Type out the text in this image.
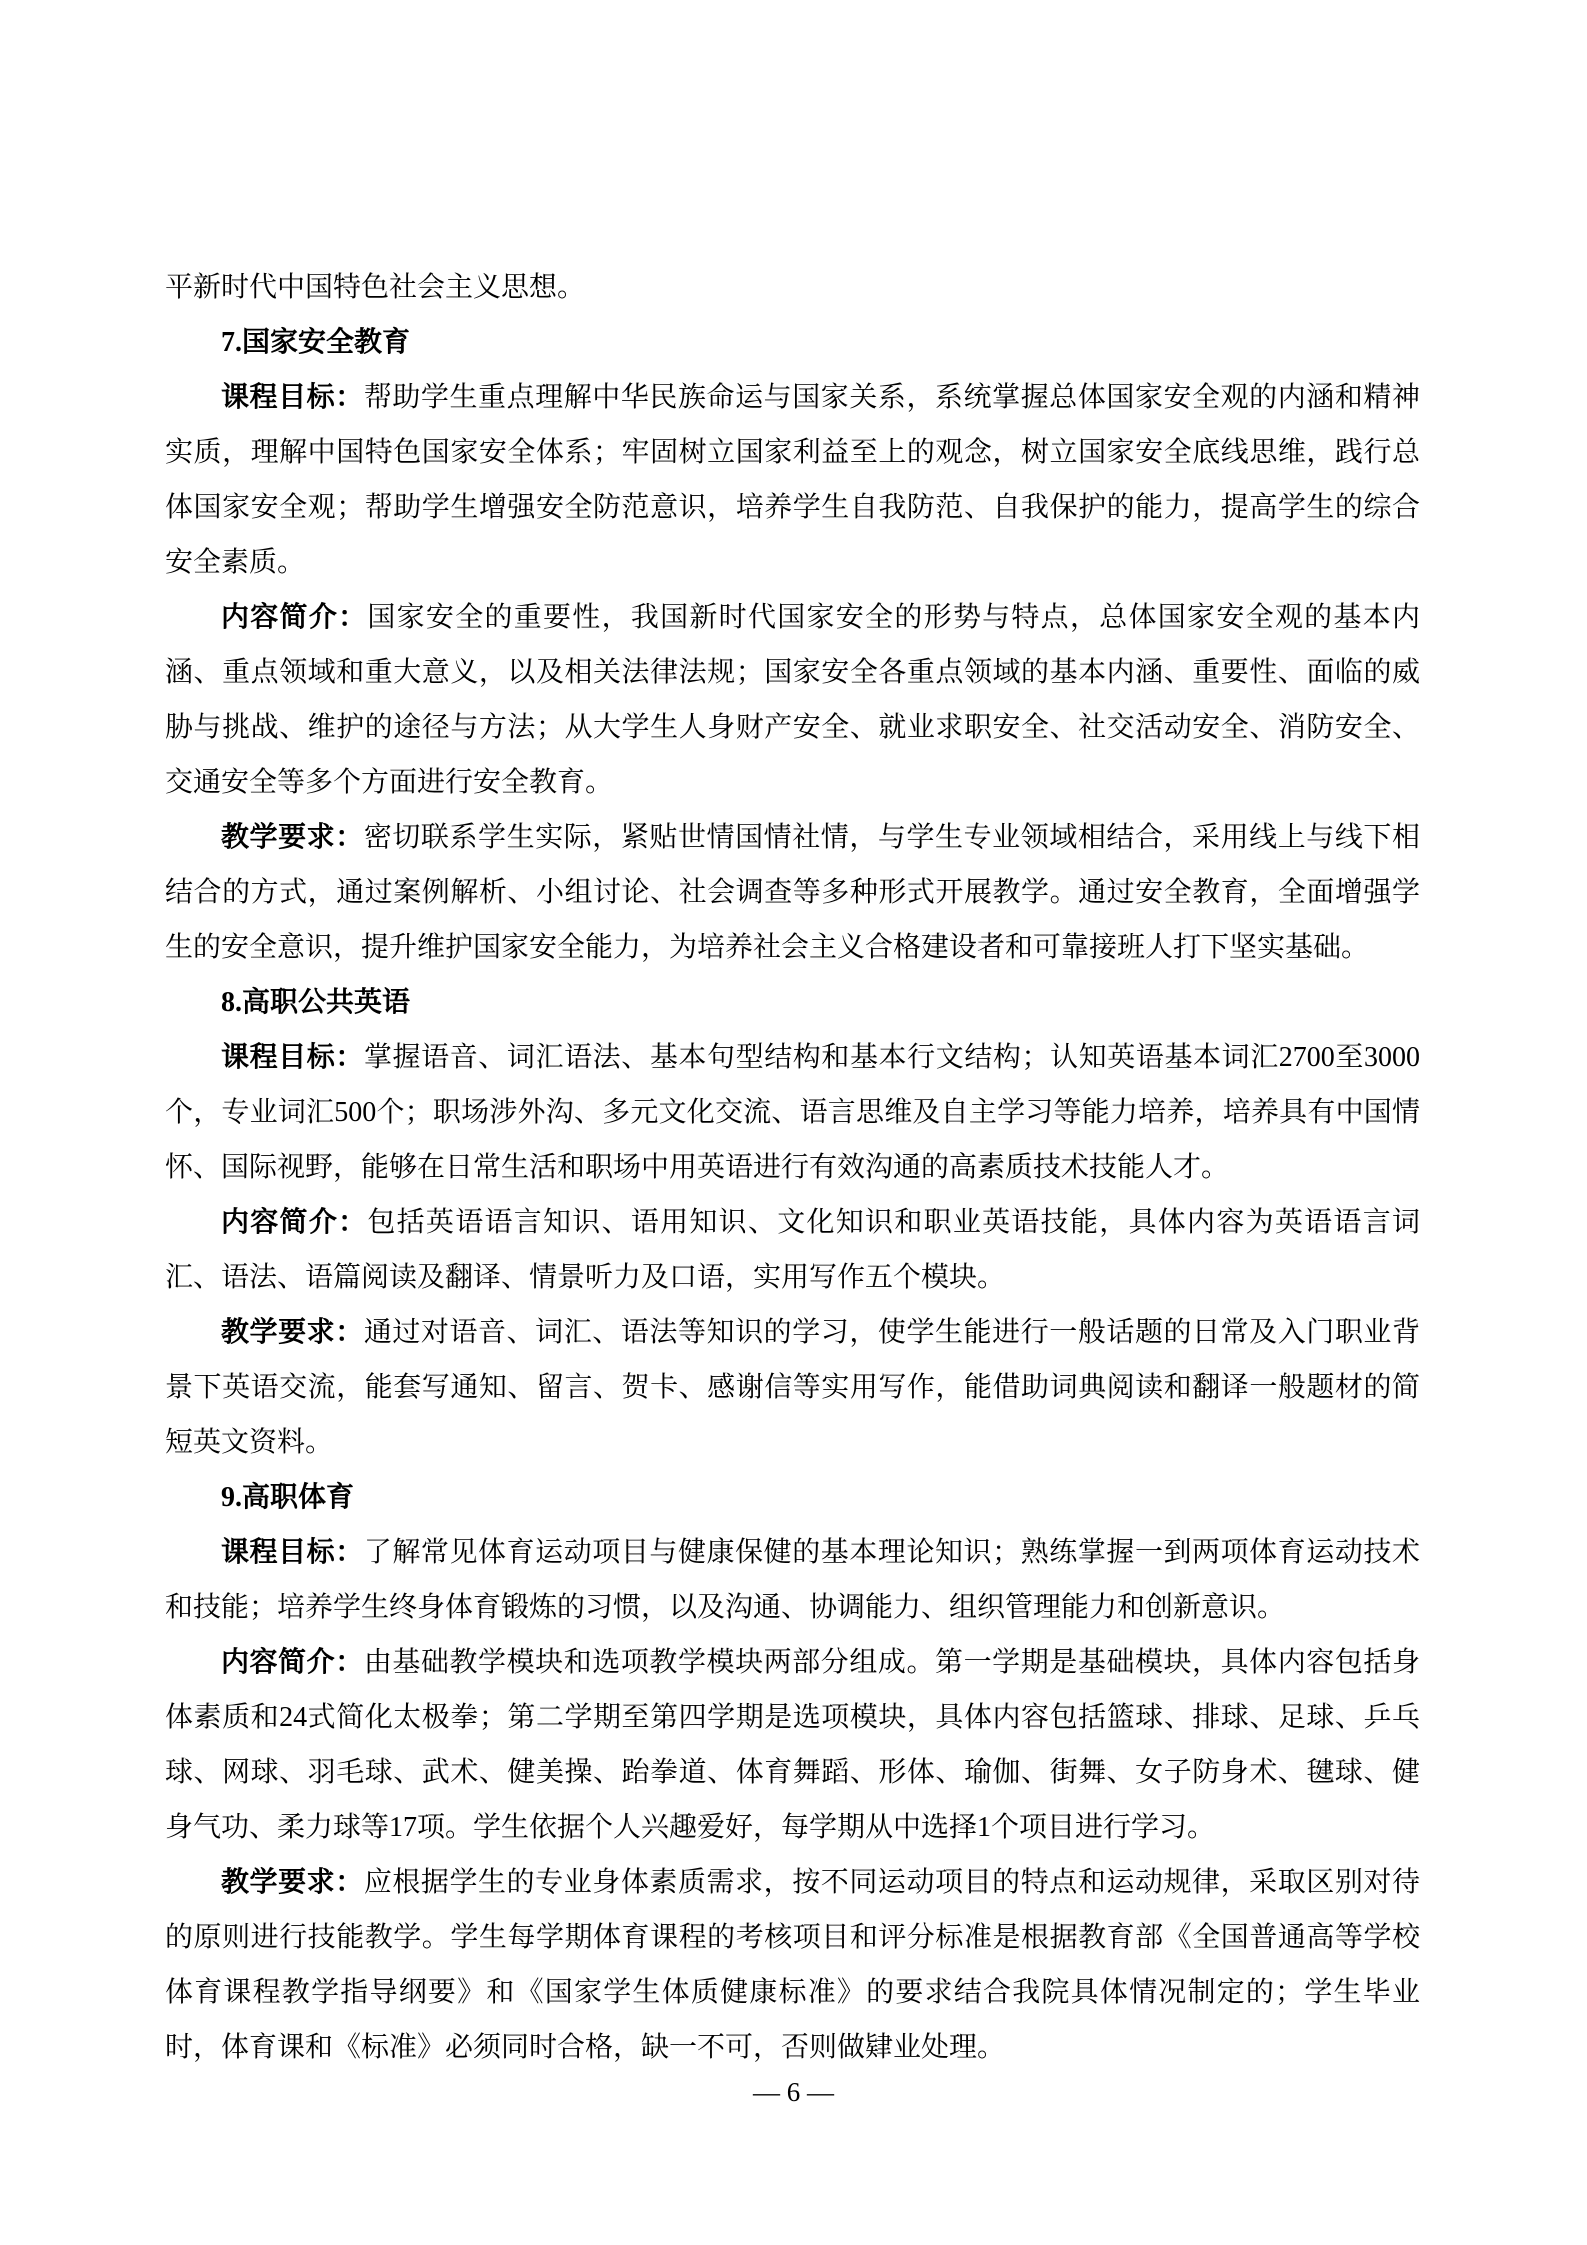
平新时代中国特色社会主义思想。

7.国家安全教育

课程目标：帮助学生重点理解中华民族命运与国家关系，系统掌握总体国家安全观的内涵和精神实质，理解中国特色国家安全体系；牢固树立国家利益至上的观念，树立国家安全底线思维，践行总体国家安全观；帮助学生增强安全防范意识，培养学生自我防范、自我保护的能力，提高学生的综合安全素质。

内容简介：国家安全的重要性，我国新时代国家安全的形势与特点，总体国家安全观的基本内涵、重点领域和重大意义，以及相关法律法规；国家安全各重点领域的基本内涵、重要性、面临的威胁与挑战、维护的途径与方法；从大学生人身财产安全、就业求职安全、社交活动安全、消防安全、交通安全等多个方面进行安全教育。

教学要求：密切联系学生实际，紧贴世情国情社情，与学生专业领域相结合，采用线上与线下相结合的方式，通过案例解析、小组讨论、社会调查等多种形式开展教学。通过安全教育，全面增强学生的安全意识，提升维护国家安全能力，为培养社会主义合格建设者和可靠接班人打下坚实基础。

8.高职公共英语

课程目标：掌握语音、词汇语法、基本句型结构和基本行文结构；认知英语基本词汇2700至3000个，专业词汇500个；职场涉外沟、多元文化交流、语言思维及自主学习等能力培养，培养具有中国情怀、国际视野，能够在日常生活和职场中用英语进行有效沟通的高素质技术技能人才。

内容简介：包括英语语言知识、语用知识、文化知识和职业英语技能，具体内容为英语语言词汇、语法、语篇阅读及翻译、情景听力及口语，实用写作五个模块。

教学要求：通过对语音、词汇、语法等知识的学习，使学生能进行一般话题的日常及入门职业背景下英语交流，能套写通知、留言、贺卡、感谢信等实用写作，能借助词典阅读和翻译一般题材的简短英文资料。

9.高职体育

课程目标：了解常见体育运动项目与健康保健的基本理论知识；熟练掌握一到两项体育运动技术和技能；培养学生终身体育锻炼的习惯，以及沟通、协调能力、组织管理能力和创新意识。

内容简介：由基础教学模块和选项教学模块两部分组成。第一学期是基础模块，具体内容包括身体素质和24式简化太极拳；第二学期至第四学期是选项模块，具体内容包括篮球、排球、足球、乒乓球、网球、羽毛球、武术、健美操、跆拳道、体育舞蹈、形体、瑜伽、街舞、女子防身术、毽球、健身气功、柔力球等17项。学生依据个人兴趣爱好，每学期从中选择1个项目进行学习。

教学要求：应根据学生的专业身体素质需求，按不同运动项目的特点和运动规律，采取区别对待的原则进行技能教学。学生每学期体育课程的考核项目和评分标准是根据教育部《全国普通高等学校体育课程教学指导纲要》和《国家学生体质健康标准》的要求结合我院具体情况制定的；学生毕业时，体育课和《标准》必须同时合格，缺一不可，否则做肄业处理。

— 6 —
